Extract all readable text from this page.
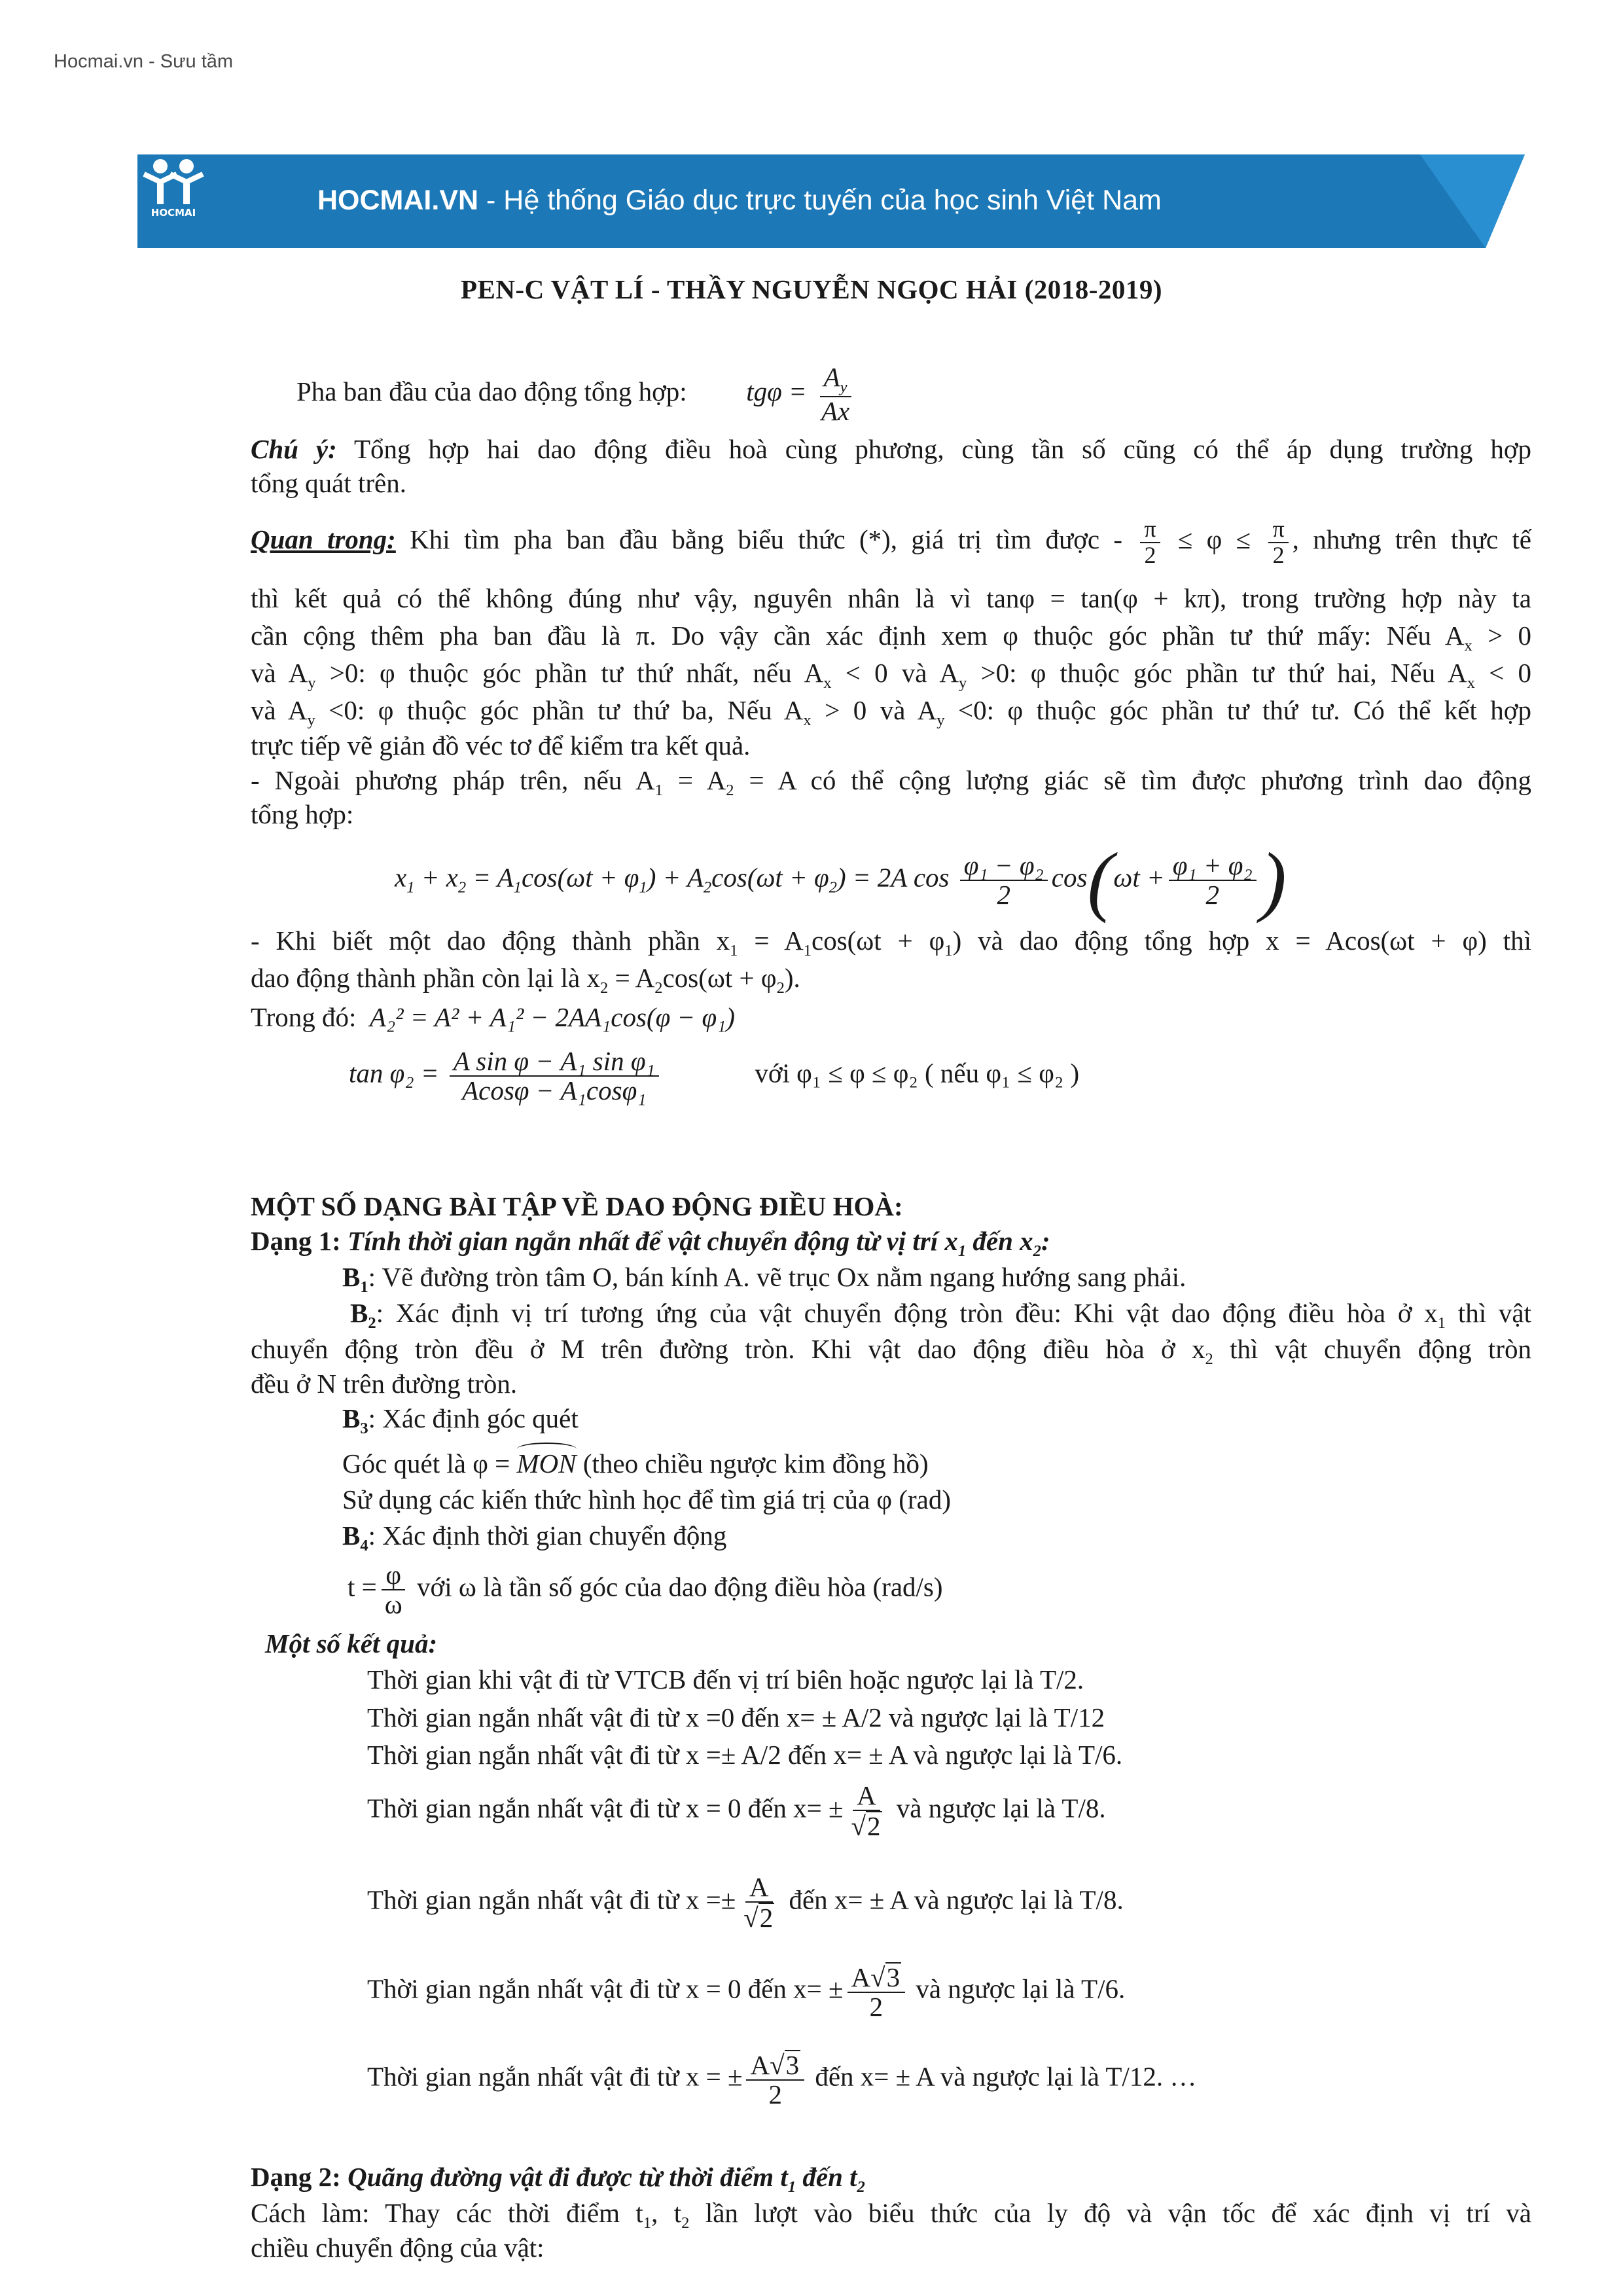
Hocmai.vn - Sưu tầm
HOCMAI	HOCMAI.VN - Hệ thống Giáo dục trực tuyến của học sinh Việt Nam
PEN-C VẬT LÍ - THẦY NGUYỄN NGỌC HẢI (2018-2019)
Pha ban đầu của dao động tổng hợp: $tg\varphi = \frac{A_y}{Ax}$
Chú ý: Tổng hợp hai dao động điều hoà cùng phương, cùng tần số cũng có thể áp dụng trường hợp
tổng quát trên.
Quan trong: Khi tìm pha ban đầu bằng biểu thức (*), giá trị tìm được - $\frac{\pi}{2} \le \varphi \le \frac{\pi}{2}$ , nhưng trên thực tế
thì kết quả có thể không đúng như vậy, nguyên nhân là vì tanφ = tan(φ + kπ), trong trường hợp này ta
cần cộng thêm pha ban đầu là π. Do vậy cần xác định xem φ thuộc góc phần tư thứ mấy: Nếu $A_x > 0$
và $A_y >0$: φ thuộc góc phần tư thứ nhất, nếu $A_x < 0$ và $A_y >0$: φ thuộc góc phần tư thứ hai, Nếu $A_x < 0$
và $A_y <0$: φ thuộc góc phần tư thứ ba, Nếu $A_x > 0$ và $A_y <0$: φ thuộc góc phần tư thứ tư. Có thể kết hợp
trực tiếp vẽ giản đồ véc tơ để kiểm tra kết quả.
- Ngoài phương pháp trên, nếu $A_1 = A_2 = A$ có thể cộng lượng giác sẽ tìm được phương trình dao động
tổng hợp:
$x_1 + x_2 = A_1\cos(\omega t + \varphi_1) + A_2\cos(\omega t + \varphi_2) = 2A$ $\cos \frac{\text{φ₁ − φ₂}}{2} \cos(\omega t + \frac{\text{φ₁ + φ₂}}{2}$ )
- Khi biết một dao động thành phần $x_1 = A_1\cos(\omega t + \varphi_1)$ và dao động tổng hợp x = Acos(ωt + φ) thì
dao động thành phần còn lại là $x_2 = A_2\cos(\omega t + \varphi_2)$.
Trong đó: A₂² = A² + A₁² − 2AA₁cos(φ − φ₁)
$\tan \varphi_2 = \frac{\text{A sin φ − A₁ sin φ₁}}{\text{Acosφ − A₁cosφ₁}}$	với φ₁ ≤ φ ≤ φ₂ ( nếu φ₁ ≤ φ₂ )
MỘT SỐ DẠNG BÀI TẬP VỀ DAO ĐỘNG ĐIỀU HOÀ:
Dạng 1: Tính thời gian ngắn nhất để vật chuyển động từ vị trí $x_1$ đến $x_2$:
$B_1$: Vẽ đường tròn tâm O, bán kính A. vẽ trục Ox nằm ngang hướng sang phải.
$B_2$: Xác định vị trí tương ứng của vật chuyển động tròn đều: Khi vật dao động điều hòa ở $x_1$ thì vật
chuyển động tròn đều ở M trên đường tròn. Khi vật dao động điều hòa ở $x_2$ thì vật chuyển động tròn
đều ở N trên đường tròn.
$B_3$: Xác định góc quét
Góc quét là φ =
MON (theo chiều ngược kim đồng hồ)
Sử dụng các kiến thức hình học để tìm giá trị của φ (rad)
$B_4$: Xác định thời gian chuyển động
$t = \frac{\varphi}{\omega}$ với ω là tần số góc của dao động điều hòa (rad/s)
Một số kết quả:
Thời gian khi vật đi từ VTCB đến vị trí biên hoặc ngược lại là T/2.
Thời gian ngắn nhất vật đi từ x =0 đến x= ± A/2 và ngược lại là T/12
Thời gian ngắn nhất vật đi từ x =± A/2 đến x= ± A và ngược lại là T/6.
Thời gian ngắn nhất vật đi từ x = 0 đến $x= \pm \frac{A}{√2}$ và ngược lại là T/8.
Thời gian ngắn nhất vật đi từ $x =\pm \frac{A}{√2}$ đến x= ± A và ngược lại là T/8.
Thời gian ngắn nhất vật đi từ x = 0 đến $x= \pm \frac{A√3}{2}$ và ngược lại là T/6.
Thời gian ngắn nhất vật đi từ x = ± $\frac{A√3}{2}$ đến x= ± A và ngược lại là T/12. …
Dạng 2: Quãng đường vật đi được từ thời điểm $t_1$ đến $t_2$
Cách làm: Thay các thời điểm $t_1$, $t_2$ lần lượt vào biểu thức của ly độ và vận tốc để xác định vị trí và
chiều chuyển động của vật:
